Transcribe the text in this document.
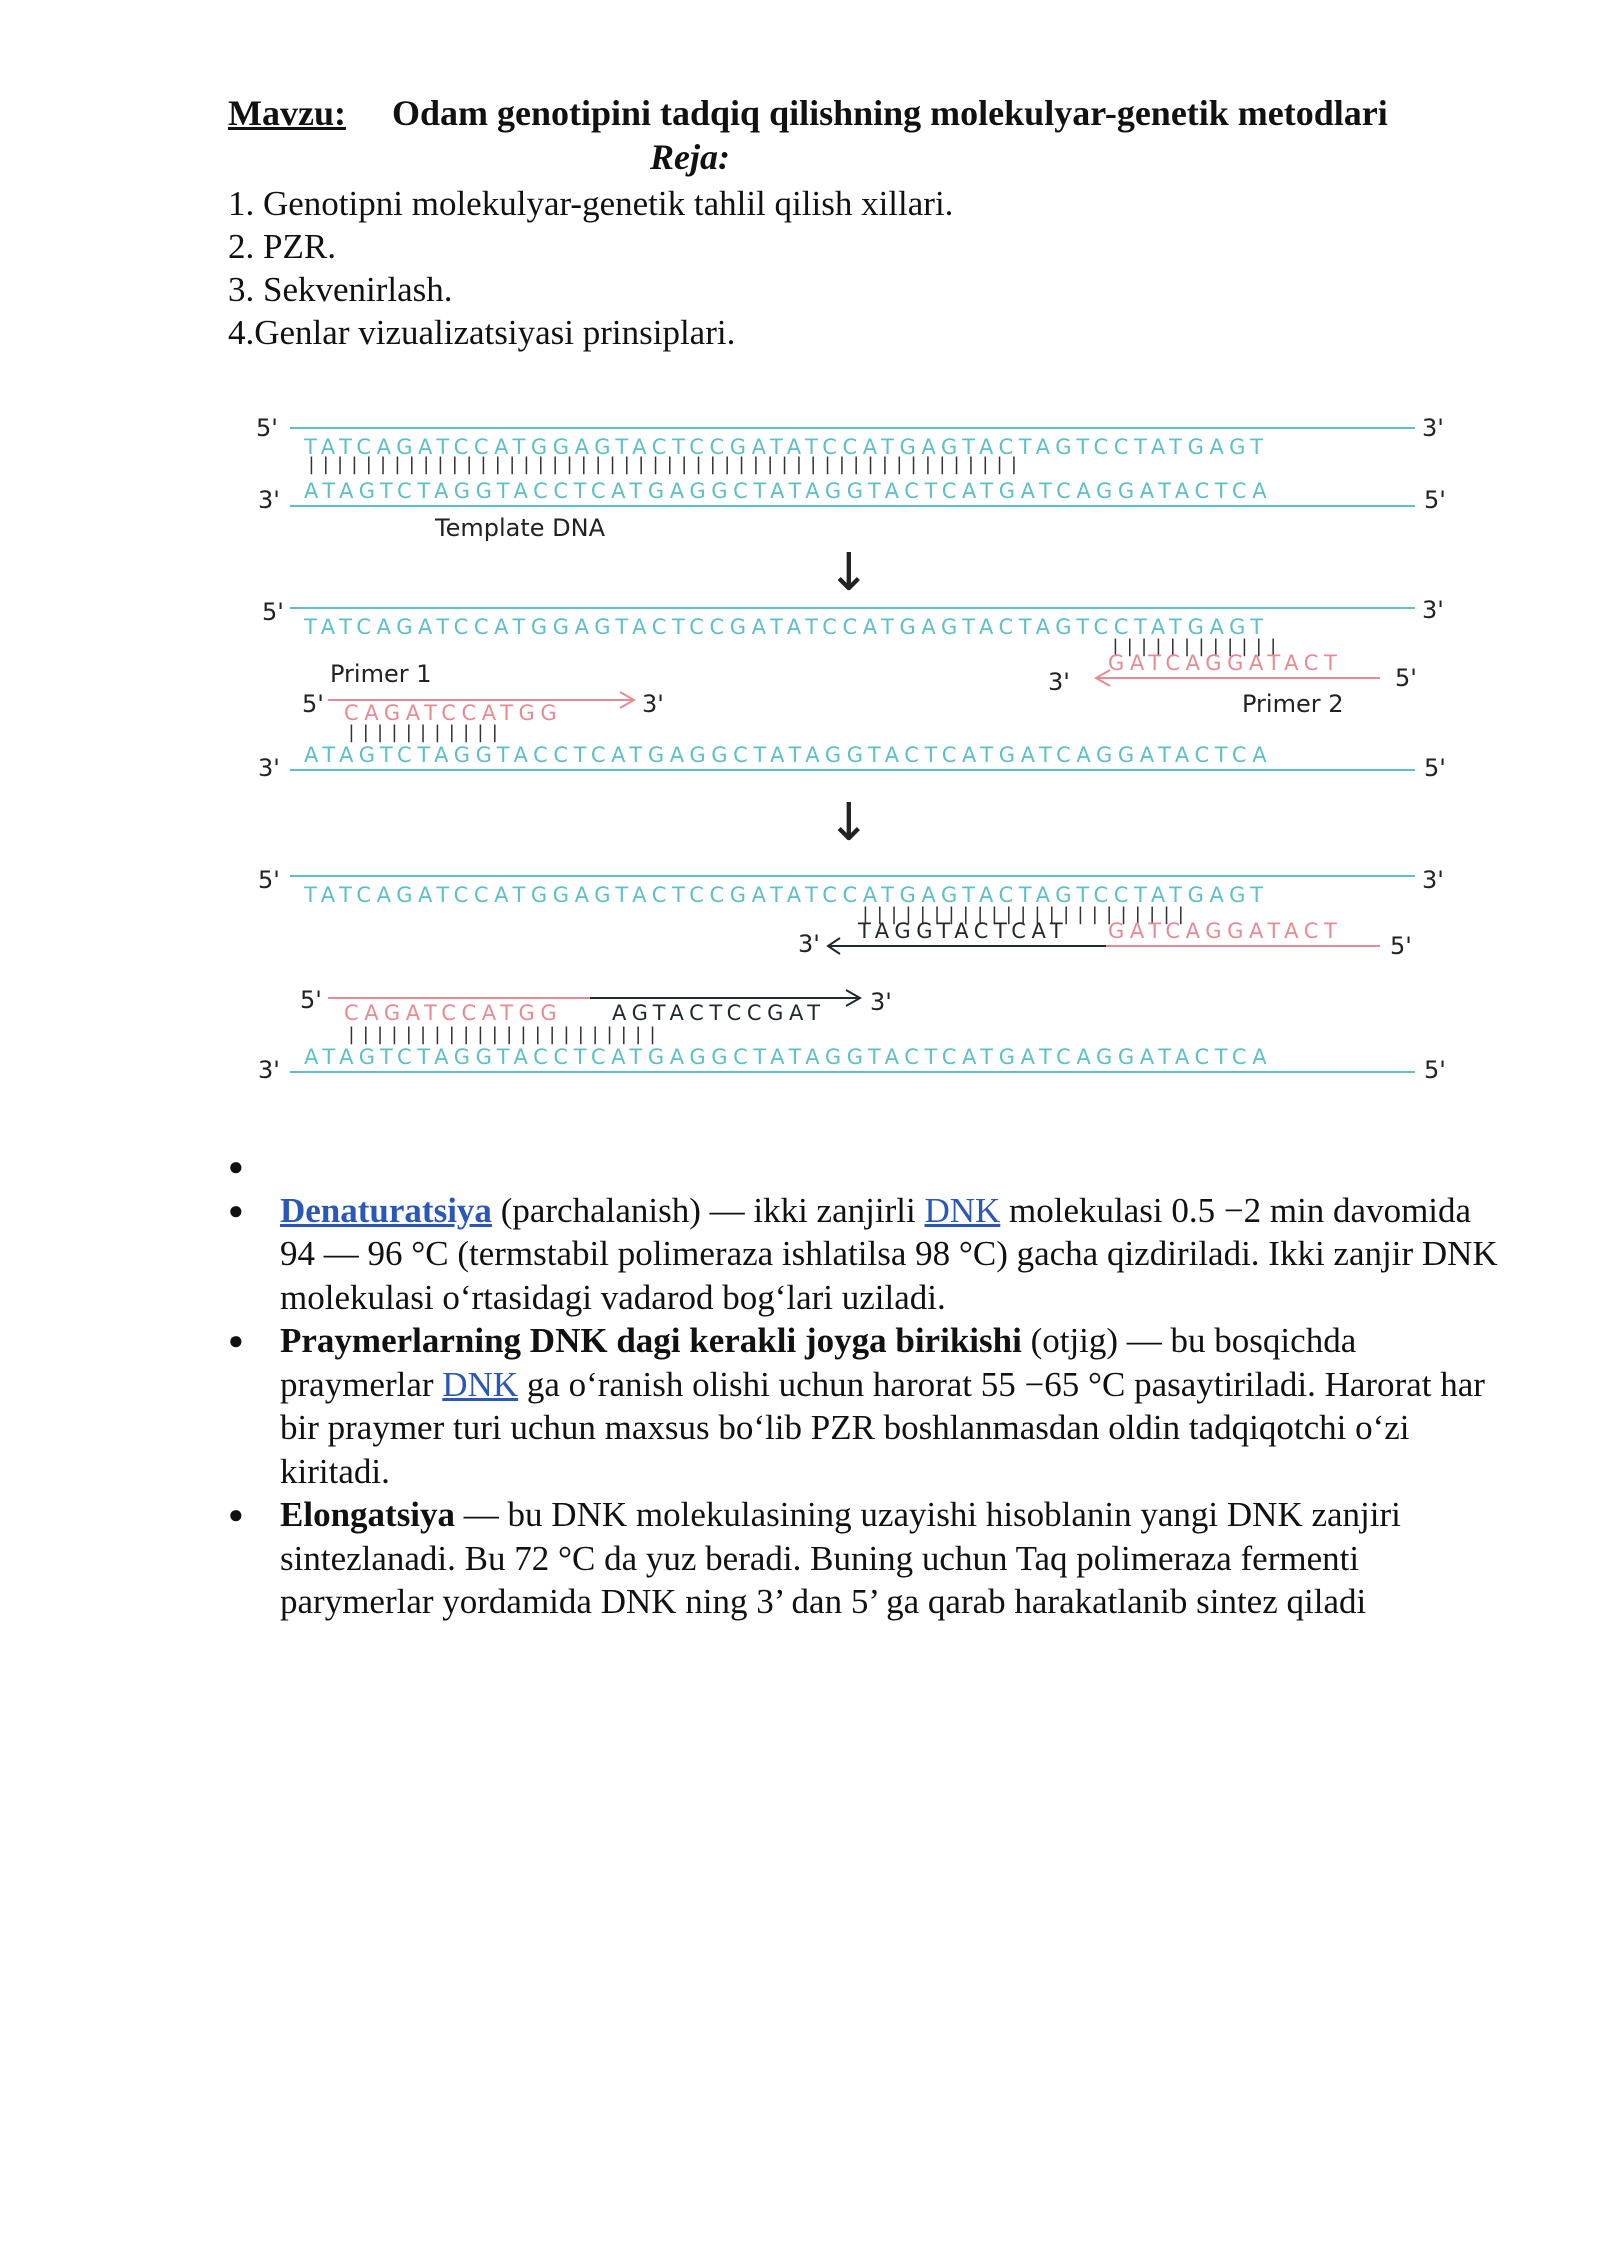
Mavzu: Odam genotipini tadqiq qilishning molekulyar-genetik metodlari
Reja:
1. Genotipni molekulyar-genetik tahlil qilish xillari.
2. PZR.
3. Sekvenirlash.
4.Genlar vizualizatsiyasi prinsiplari.
5'
TATCAGATCCATGGAGTACTCCGATATCCATGAGTACTAGTCCTATGAGT
3'
||||||||||||||||||||||||||||||||||||||||||||||||||
ATAGTCTAGGTACCTCATGAGGCTATAGGTACTCATGATCAGGATACTCA
3'	5'
Template DNA
↓
5'
TATCAGATCCATGGAGTACTCCGATATCCATGAGTACTAGTCCTATGAGT
3'
||||||||||||
GATCAGGATACT
3'	5'
Primer 2
Primer 1
5' CAGATCCATGG	3'
|||||||||||
ATAGTCTAGGTACCTCATGAGGCTATAGGTACTCATGATCAGGATACTCA
3'	5'
↓
5'
TATCAGATCCATGGAGTACTCCGATATCCATGAGTACTAGTCCTATGAGT
3'
|||||||||||||||||||||||
3' TAGGTACTCAT GATCAGGATACT
5'
5'	3'
CAGATCCATGG AGTACTCCGAT
||||||||||||||||||||||
ATAGTCTAGGTACCTCATGAGGCTATAGGTACTCATGATCAGGATACTCA
3'	5'
●

● Denaturatsiya (parchalanish) — ikki zanjirli DNK molekulasi 0.5 −2 min davomida 94 — 96 °C (termstabil polimeraza ishlatilsa 98 °C) gacha qizdiriladi. Ikki zanjir DNK molekulasi o‘rtasidagi vadarod bog‘lari uziladi.
● Praymerlarning DNK dagi kerakli joyga birikishi (otjig) — bu bosqichda praymerlar DNK ga o‘ranish olishi uchun harorat 55 −65 °C pasaytiriladi. Harorat har bir praymer turi uchun maxsus bo‘lib PZR boshlanmasdan oldin tadqiqotchi o‘zi kiritadi.
● Elongatsiya — bu DNK molekulasining uzayishi hisoblanin yangi DNK zanjiri sintezlanadi. Bu 72 °C da yuz beradi. Buning uchun Taq polimeraza fermenti parymerlar yordamida DNK ning 3’ dan 5’ ga qarab harakatlanib sintez qiladi
